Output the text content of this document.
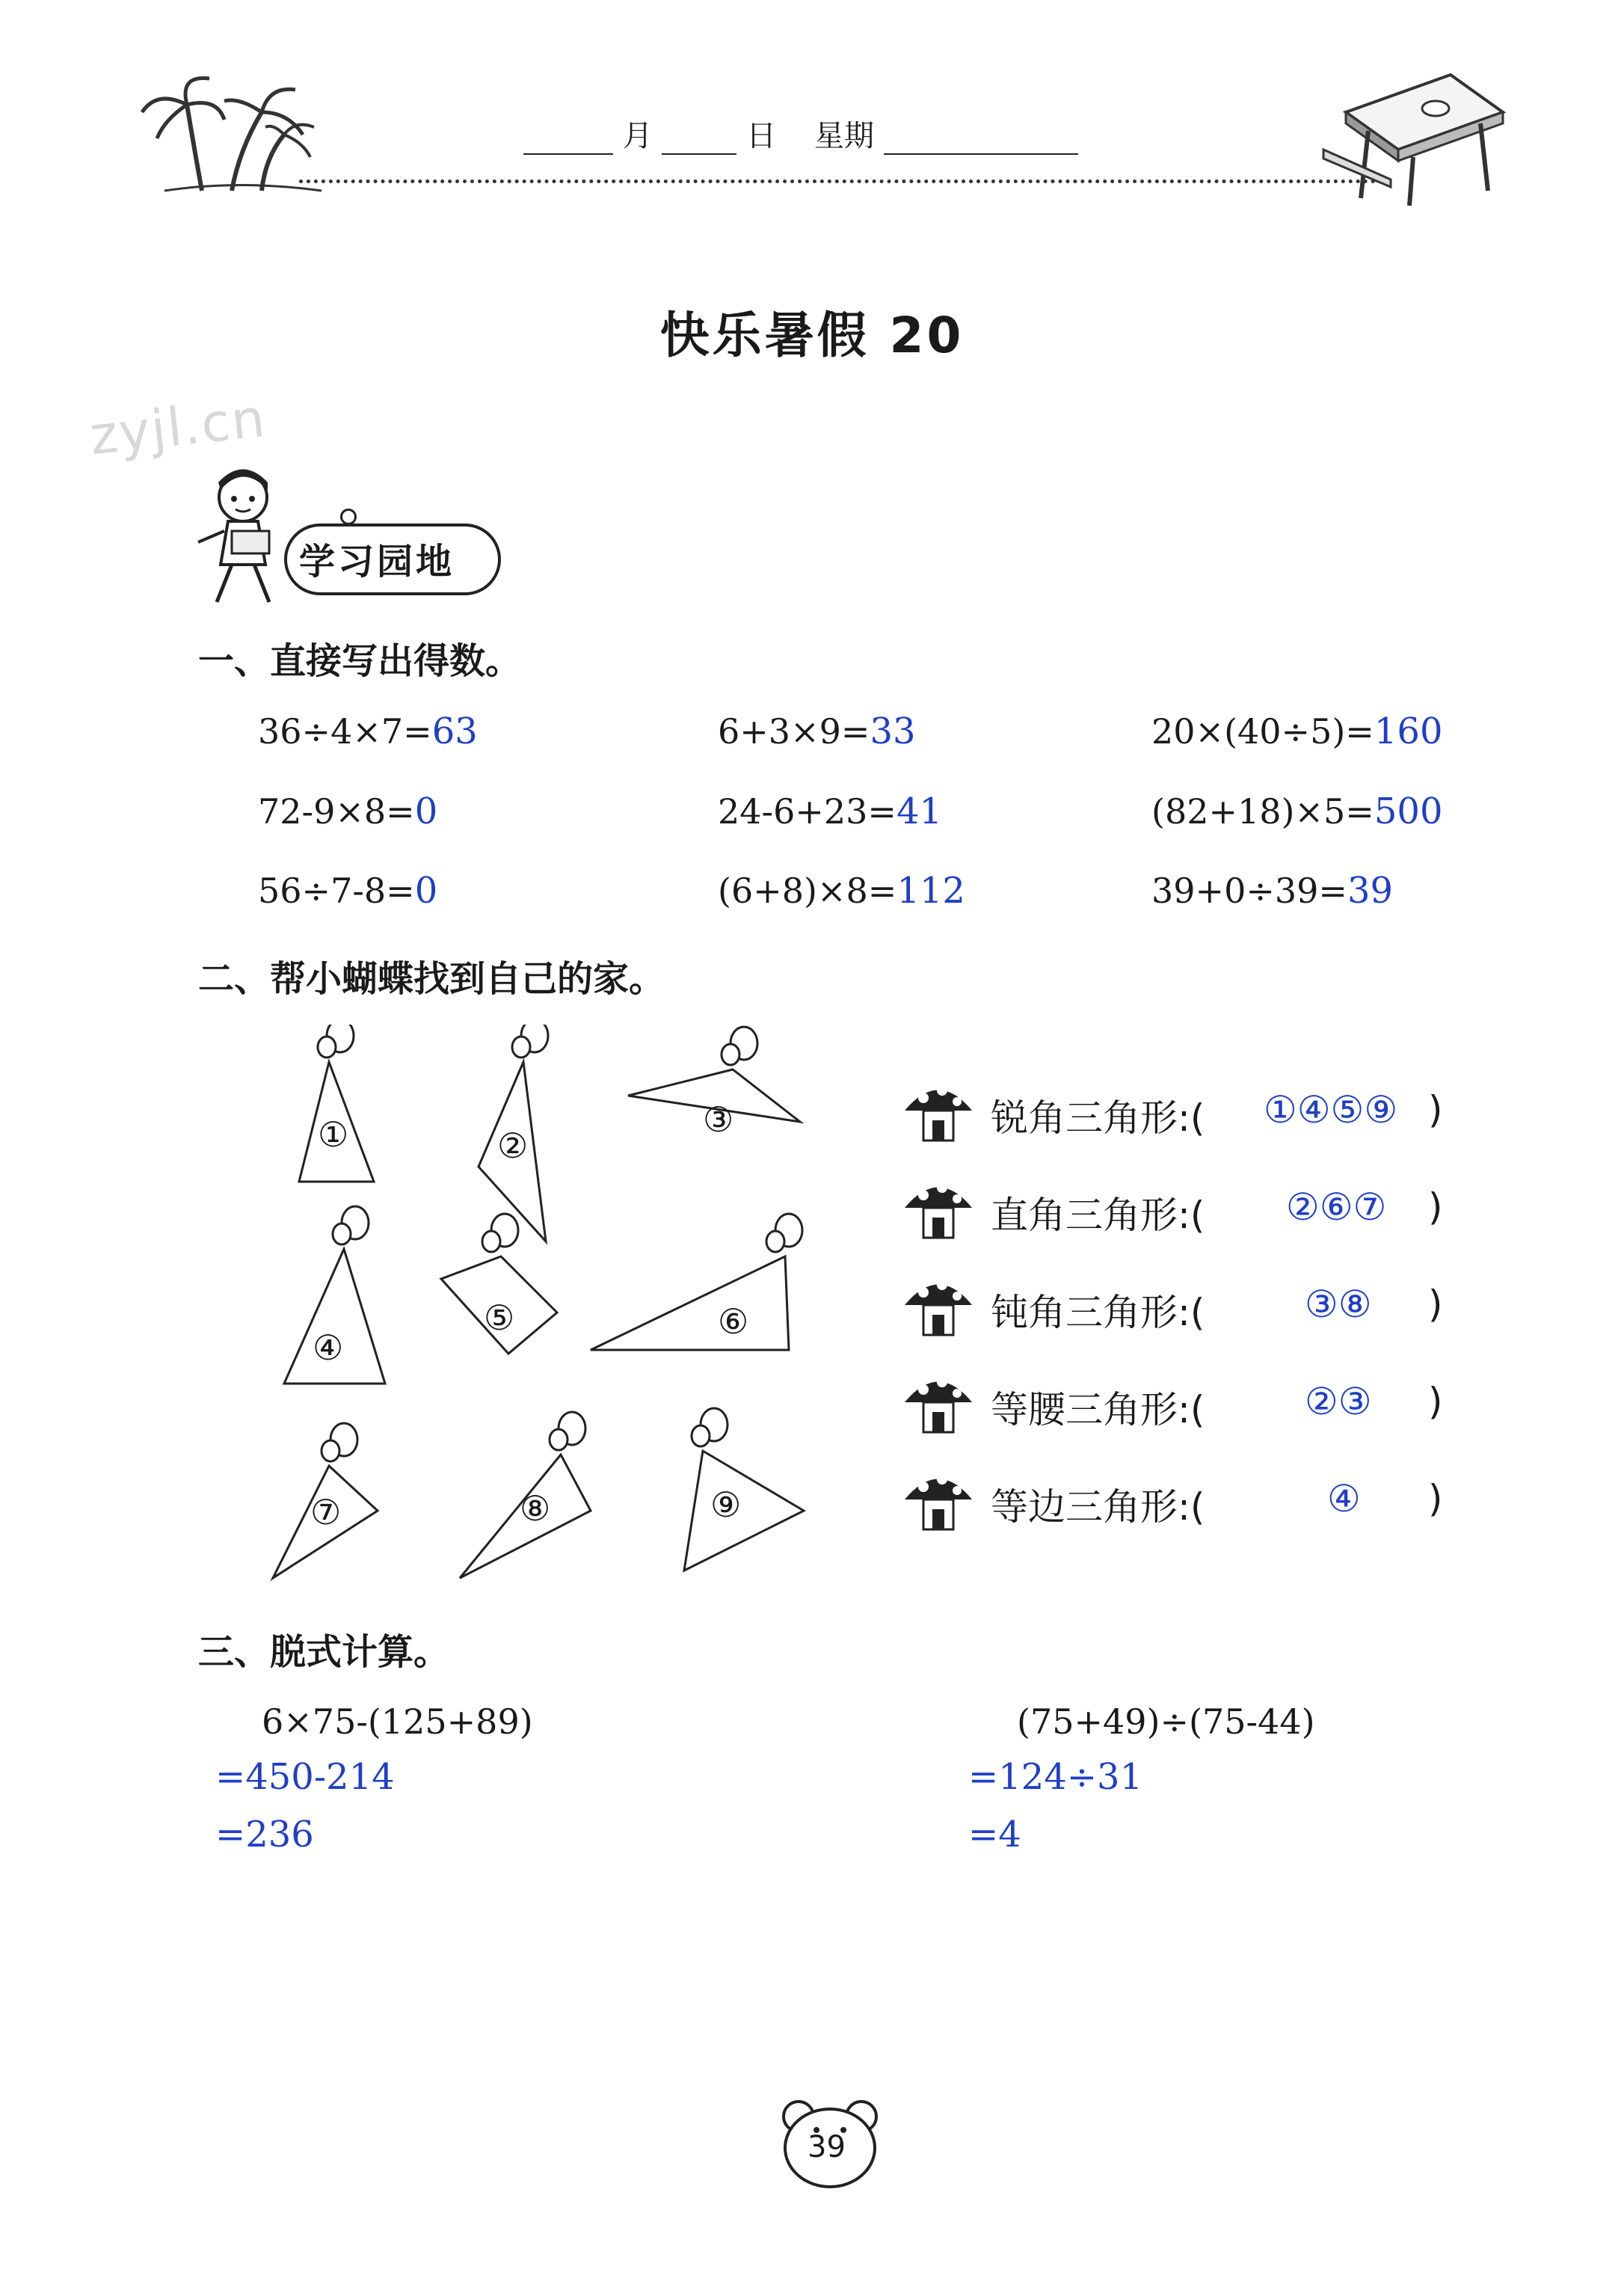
月	日 星期
快乐暑假 20
zyjl.cn
学习园地
一、直接写出得数。
36÷4×7=63	6+3×9=33	20×(40÷5)=160
72-9×8=0	24-6+23=41	(82+18)×5=500
56÷7-8=0	(6+8)×8=112	39+0÷39=39
二、帮小蝴蝶找到自己的家。
①	②
③
④
⑤	⑥
⑦	⑧	⑨
锐角三角形:( ①④⑤⑨ )
直角三角形:( ②⑥⑦ )
钝角三角形:(	③⑧ )
等腰三角形:(	②③ )
等边三角形:(	④ )
三、脱式计算。
6×75-(125+89)
=450-214
=236
(75+49)÷(75-44)
=124÷31
=4
39
